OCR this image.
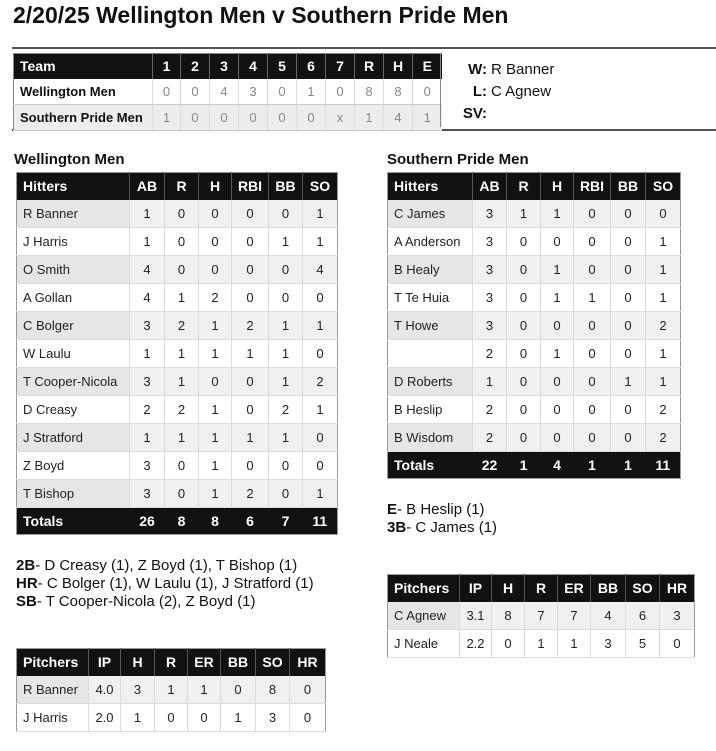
2/20/25 Wellington Men v Southern Pride Men
Team	1	2	3	4	5	6	7	R	H	E
Wellington Men	0	0	4	3	0	1	0	8	8	0
Southern Pride Men	1	0	0	0	0	0	x	1	4	1
W: R Banner
L: C Agnew
SV:
Wellington Men
Hitters	AB	R	H	RBI	BB	SO
R Banner	1	0	0	0	0	1
J Harris	1	0	0	0	1	1
O Smith	4	0	0	0	0	4
A Gollan	4	1	2	0	0	0
C Bolger	3	2	1	2	1	1
W Laulu	1	1	1	1	1	0
T Cooper-Nicola	3	1	0	0	1	2
D Creasy	2	2	1	0	2	1
J Stratford	1	1	1	1	1	0
Z Boyd	3	0	1	0	0	0
T Bishop	3	0	1	2	0	1
Totals	26	8	8	6	7	11
2B- D Creasy (1), Z Boyd (1), T Bishop (1)
HR- C Bolger (1), W Laulu (1), J Stratford (1)
SB- T Cooper-Nicola (2), Z Boyd (1)
Pitchers	IP	H	R	ER	BB	SO	HR
R Banner	4.0	3	1	1	0	8	0
J Harris	2.0	1	0	0	1	3	0
Southern Pride Men
Hitters	AB	R	H	RBI	BB	SO
C James	3	1	1	0	0	0
A Anderson	3	0	0	0	0	1
B Healy	3	0	1	0	0	1
T Te Huia	3	0	1	1	0	1
T Howe	3	0	0	0	0	2
	2	0	1	0	0	1
D Roberts	1	0	0	0	1	1
B Heslip	2	0	0	0	0	2
B Wisdom	2	0	0	0	0	2
Totals	22	1	4	1	1	11
E- B Heslip (1)
3B- C James (1)
Pitchers	IP	H	R	ER	BB	SO	HR
C Agnew	3.1	8	7	7	4	6	3
J Neale	2.2	0	1	1	3	5	0
